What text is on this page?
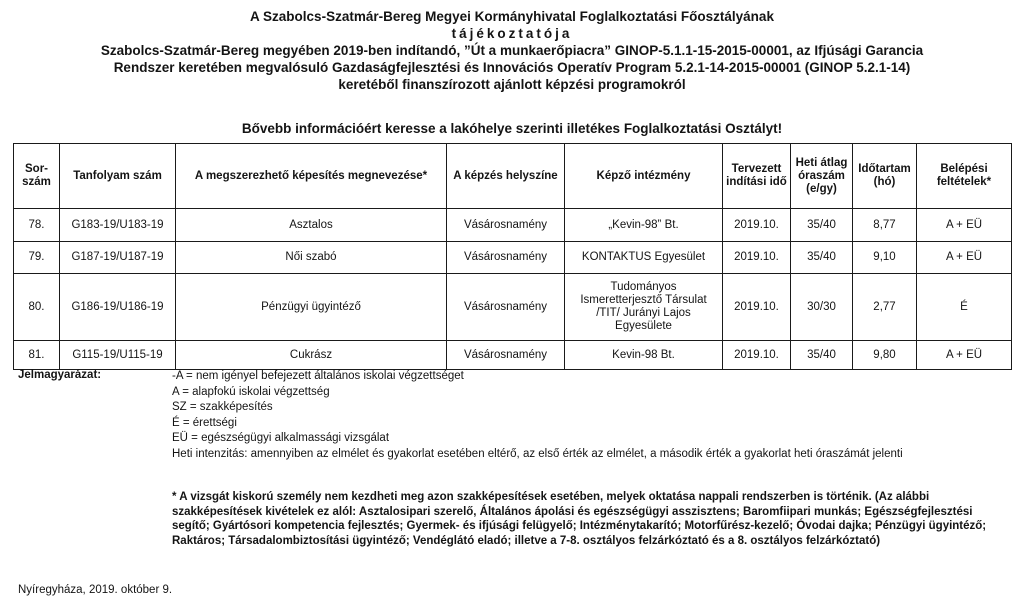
A Szabolcs-Szatmár-Bereg Megyei Kormányhivatal Foglalkoztatási Főosztályának
tájékoztatója
Szabolcs-Szatmár-Bereg megyében 2019-ben indítandó, ”Út a munkaerőpiacra” GINOP-5.1.1-15-2015-00001, az Ifjúsági Garancia
Rendszer keretében megvalósuló Gazdaságfejlesztési és Innovációs Operatív Program 5.2.1-14-2015-00001 (GINOP 5.2.1-14)
keretéből finanszírozott ajánlott képzési programokról
Bővebb információért keresse a lakóhelye szerinti illetékes Foglalkoztatási Osztályt!
Sor-szám	Tanfolyam szám	A megszerezhető képesítés megnevezése*	A képzés helyszíne	Képző intézmény	Tervezett indítási idő	Heti átlag óraszám (e/gy)	Időtartam (hó)	Belépési feltételek*
78.	G183-19/U183-19	Asztalos	Vásárosnamény	„Kevin-98” Bt.	2019.10.	35/40	8,77	A + EÜ
79.	G187-19/U187-19	Női szabó	Vásárosnamény	KONTAKTUS Egyesület	2019.10.	35/40	9,10	A + EÜ
80.	G186-19/U186-19	Pénzügyi ügyintéző	Vásárosnamény	Tudományos Ismeretterjesztő Társulat /TIT/ Jurányi Lajos Egyesülete	2019.10.	30/30	2,77	É
81.	G115-19/U115-19	Cukrász	Vásárosnamény	Kevin-98 Bt.	2019.10.	35/40	9,80	A + EÜ
Jelmagyarázat:	-A = nem igényel befejezett általános iskolai végzettséget
A = alapfokú iskolai végzettség
SZ = szakképesítés
É = érettségi
EÜ = egészségügyi alkalmassági vizsgálat
Heti intenzitás: amennyiben az elmélet és gyakorlat esetében eltérő, az első érték az elmélet, a második érték a gyakorlat heti óraszámát jelenti
* A vizsgát kiskorú személy nem kezdheti meg azon szakképesítések esetében, melyek oktatása nappali rendszerben is történik. (Az alábbi szakképesítések kivételek ez alól: Asztalosipari szerelő, Általános ápolási és egészségügyi asszisztens; Baromfiipari munkás; Egészségfejlesztési segítő; Gyártósori kompetencia fejlesztés; Gyermek- és ifjúsági felügyelő; Intézménytakarító; Motorfűrész-kezelő; Óvodai dajka; Pénzügyi ügyintéző; Raktáros; Társadalombiztosítási ügyintéző; Vendéglátó eladó; illetve a 7-8. osztályos felzárkóztató és a 8. osztályos felzárkóztató)
Nyíregyháza, 2019. október 9.
